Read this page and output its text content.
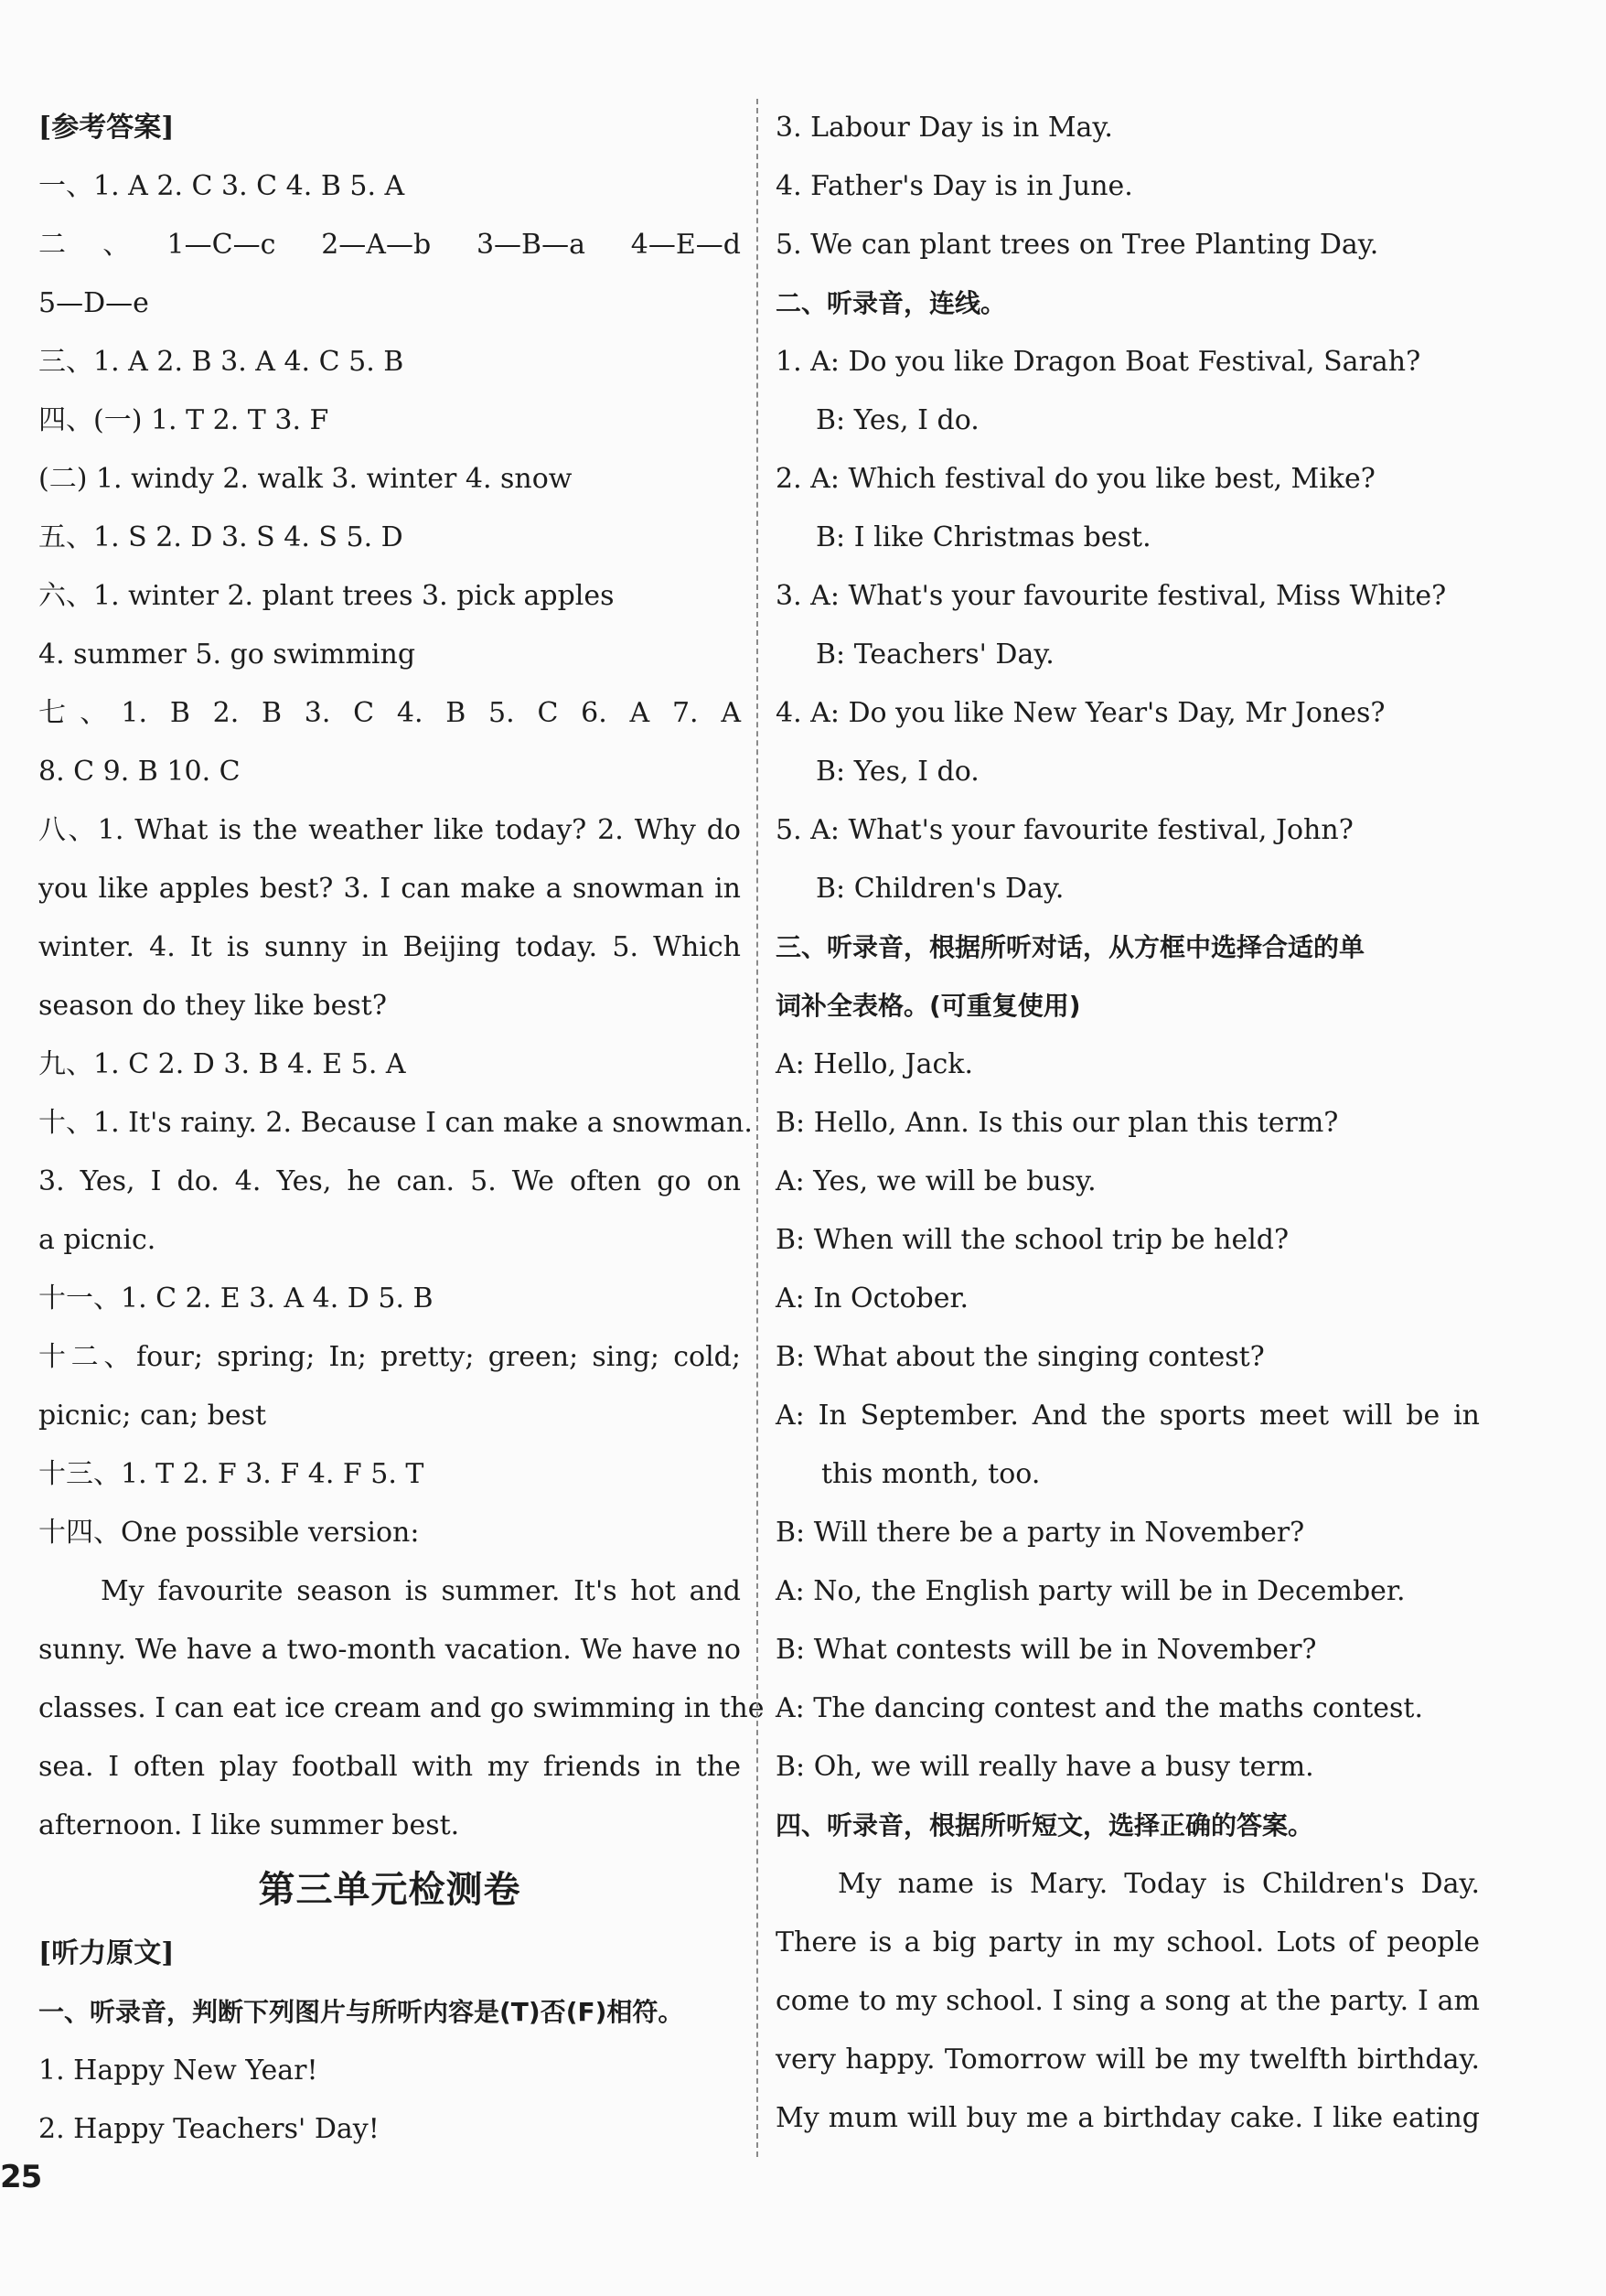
[参考答案]
一、1. A 2. C 3. C 4. B 5. A
二、1—C—c 2—A—b 3—B—a 4—E—d
5—D—e
三、1. A 2. B 3. A 4. C 5. B
四、(一) 1. T 2. T 3. F
(二) 1. windy 2. walk 3. winter 4. snow
五、1. S 2. D 3. S 4. S 5. D
六、1. winter 2. plant trees 3. pick apples
4. summer 5. go swimming
七、1. B 2. B 3. C 4. B 5. C 6. A 7. A
8. C 9. B 10. C
八、1. What is the weather like today? 2. Why do
you like apples best? 3. I can make a snowman in
winter. 4. It is sunny in Beijing today. 5. Which
season do they like best?
九、1. C 2. D 3. B 4. E 5. A
十、1. It's rainy. 2. Because I can make a snowman.
3. Yes, I do. 4. Yes, he can. 5. We often go on
a picnic.
十一、1. C 2. E 3. A 4. D 5. B
十二、four; spring; In; pretty; green; sing; cold;
picnic; can; best
十三、1. T 2. F 3. F 4. F 5. T
十四、One possible version:
My favourite season is summer. It's hot and
sunny. We have a two-month vacation. We have no
classes. I can eat ice cream and go swimming in the
sea. I often play football with my friends in the
afternoon. I like summer best.
第三单元检测卷
[听力原文]
一、听录音，判断下列图片与所听内容是(T)否(F)相符。
1. Happy New Year!
2. Happy Teachers' Day!
3. Labour Day is in May.
4. Father's Day is in June.
5. We can plant trees on Tree Planting Day.
二、听录音，连线。
1. A: Do you like Dragon Boat Festival, Sarah?
B: Yes, I do.
2. A: Which festival do you like best, Mike?
B: I like Christmas best.
3. A: What's your favourite festival, Miss White?
B: Teachers' Day.
4. A: Do you like New Year's Day, Mr Jones?
B: Yes, I do.
5. A: What's your favourite festival, John?
B: Children's Day.
三、听录音，根据所听对话，从方框中选择合适的单
词补全表格。(可重复使用)
A: Hello, Jack.
B: Hello, Ann. Is this our plan this term?
A: Yes, we will be busy.
B: When will the school trip be held?
A: In October.
B: What about the singing contest?
A: In September. And the sports meet will be in
this month, too.
B: Will there be a party in November?
A: No, the English party will be in December.
B: What contests will be in November?
A: The dancing contest and the maths contest.
B: Oh, we will really have a busy term.
四、听录音，根据所听短文，选择正确的答案。
My name is Mary. Today is Children's Day.
There is a big party in my school. Lots of people
come to my school. I sing a song at the party. I am
very happy. Tomorrow will be my twelfth birthday.
My mum will buy me a birthday cake. I like eating
25
